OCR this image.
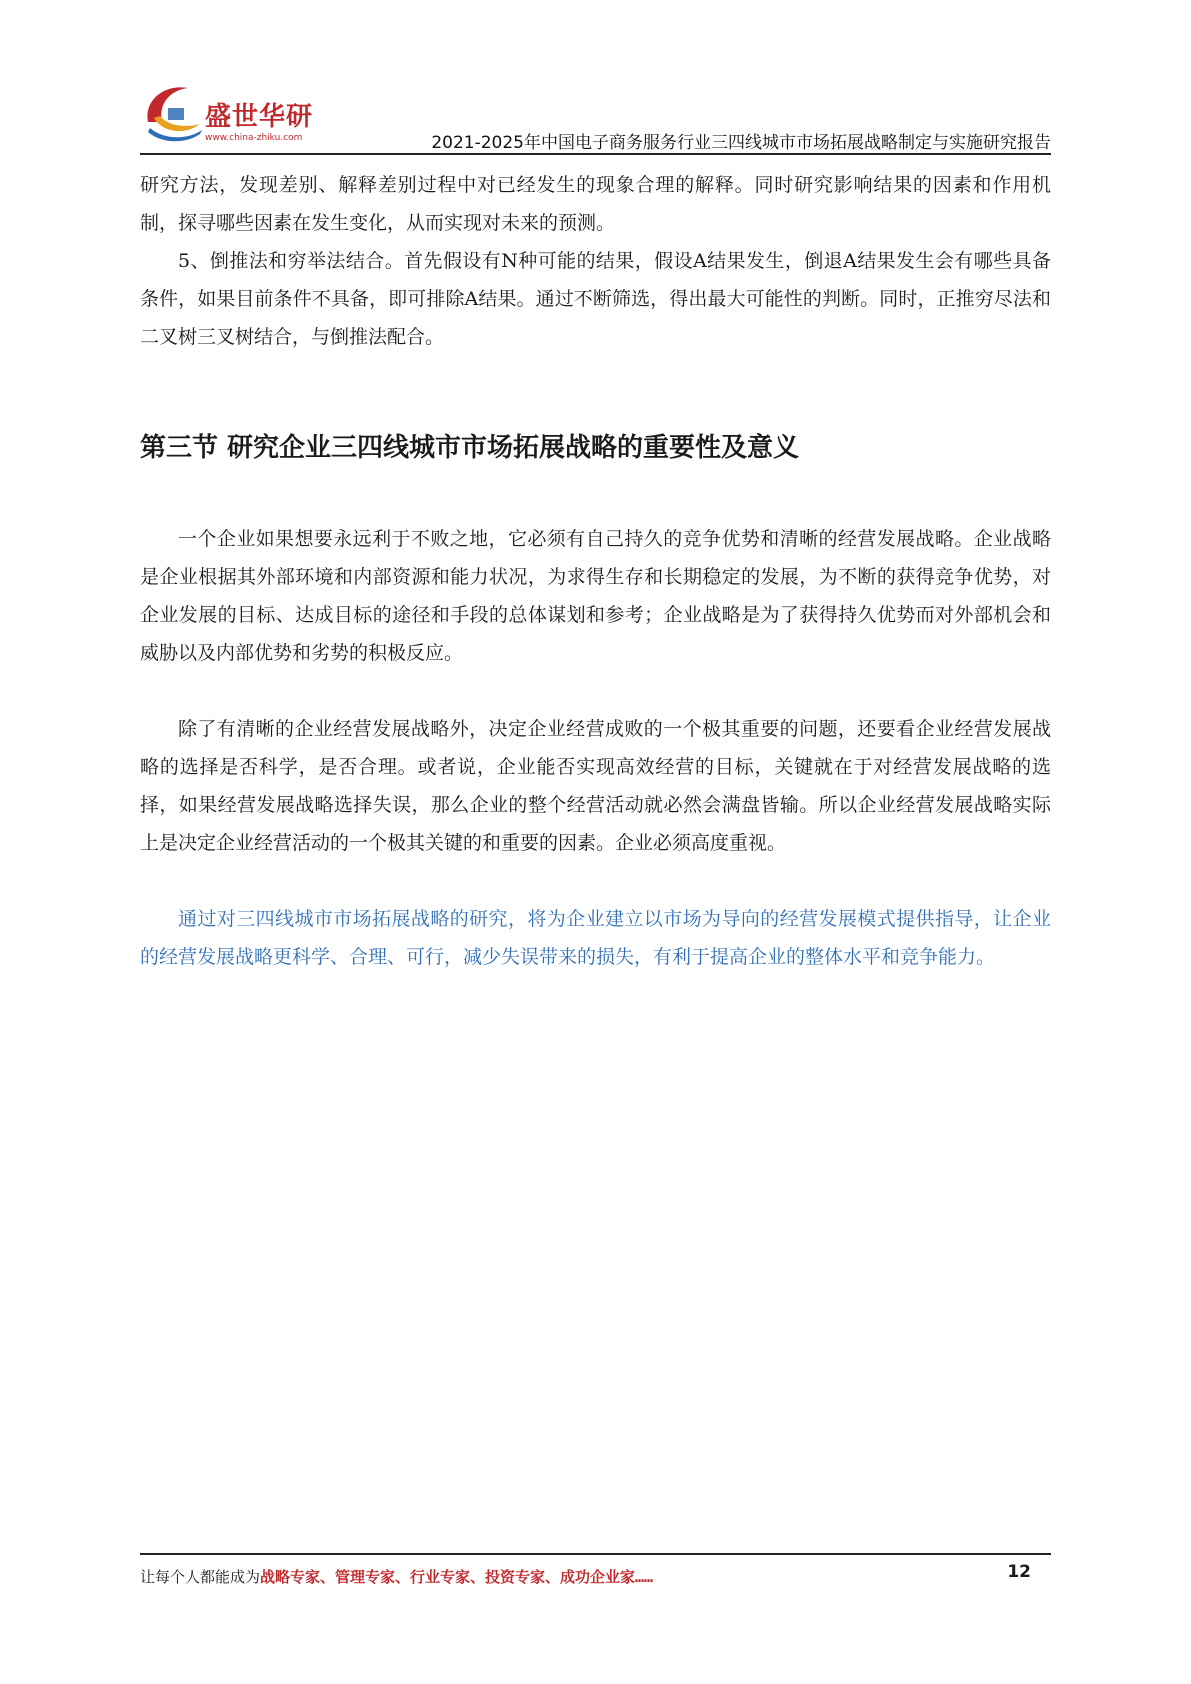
盛世华研
www.china-zhiku.com	2021-2025年中国电子商务服务行业三四线城市市场拓展战略制定与实施研究报告

研究方法，发现差别、解释差别过程中对已经发生的现象合理的解释。同时研究影响结果的因素和作用机制，探寻哪些因素在发生变化，从而实现对未来的预测。

5、倒推法和穷举法结合。首先假设有N种可能的结果，假设A结果发生，倒退A结果发生会有哪些具备条件，如果目前条件不具备，即可排除A结果。通过不断筛选，得出最大可能性的判断。同时，正推穷尽法和二叉树三叉树结合，与倒推法配合。

第三节 研究企业三四线城市市场拓展战略的重要性及意义

一个企业如果想要永远利于不败之地，它必须有自己持久的竞争优势和清晰的经营发展战略。企业战略是企业根据其外部环境和内部资源和能力状况，为求得生存和长期稳定的发展，为不断的获得竞争优势，对企业发展的目标、达成目标的途径和手段的总体谋划和参考；企业战略是为了获得持久优势而对外部机会和威胁以及内部优势和劣势的积极反应。

除了有清晰的企业经营发展战略外，决定企业经营成败的一个极其重要的问题，还要看企业经营发展战略的选择是否科学，是否合理。或者说，企业能否实现高效经营的目标，关键就在于对经营发展战略的选择，如果经营发展战略选择失误，那么企业的整个经营活动就必然会满盘皆输。所以企业经营发展战略实际上是决定企业经营活动的一个极其关键的和重要的因素。企业必须高度重视。

通过对三四线城市市场拓展战略的研究，将为企业建立以市场为导向的经营发展模式提供指导，让企业的经营发展战略更科学、合理、可行，减少失误带来的损失，有利于提高企业的整体水平和竞争能力。

让每个人都能成为战略专家、管理专家、行业专家、投资专家、成功企业家……	12
